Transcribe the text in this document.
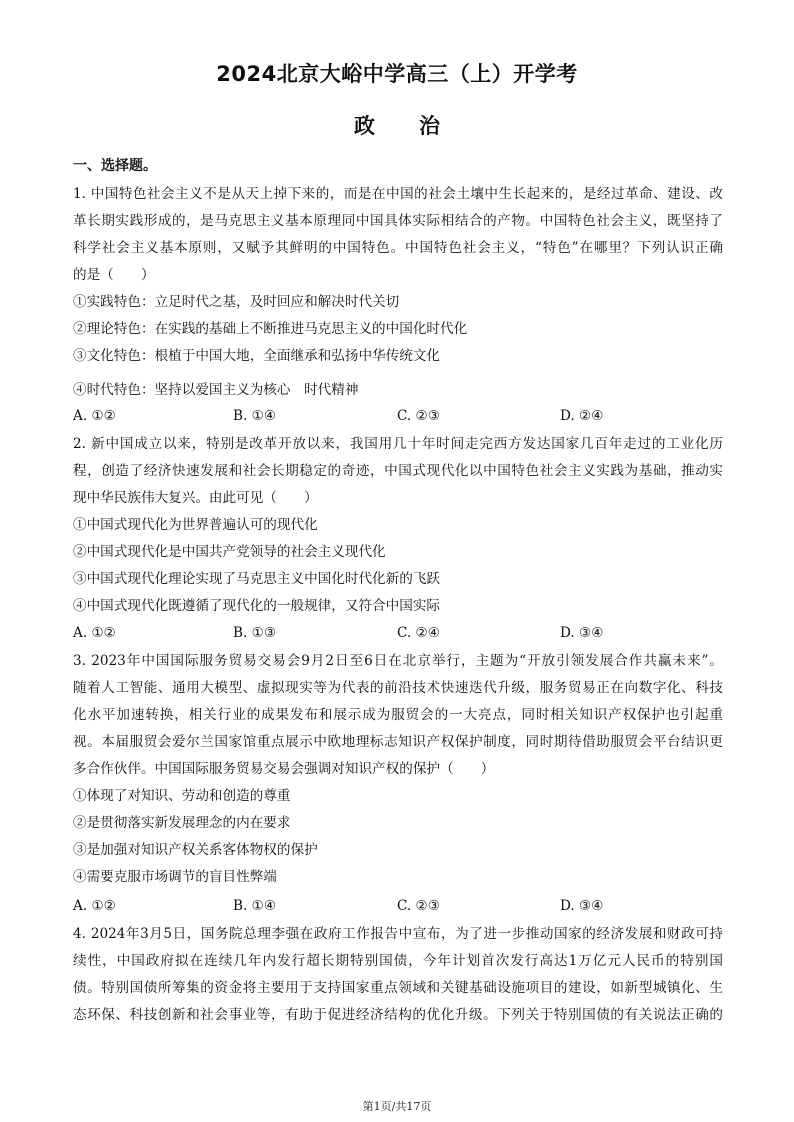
2024北京大峪中学高三（上）开学考
政 治
一、选择题。
1. 中国特色社会主义不是从天上掉下来的，而是在中国的社会土壤中生长起来的，是经过革命、建设、改
革长期实践形成的，是马克思主义基本原理同中国具体实际相结合的产物。中国特色社会主义，既坚持了
科学社会主义基本原则，又赋予其鲜明的中国特色。中国特色社会主义，“特色”在哪里？下列认识正确
的是（　　）
①实践特色：立足时代之基，及时回应和解决时代关切
②理论特色：在实践的基础上不断推进马克思主义的中国化时代化
③文化特色：根植于中国大地，全面继承和弘扬中华传统文化
④时代特色：坚持以爱国主义为核心　时代精神
A. ①②	B. ①④	C. ②③	D. ②④
2. 新中国成立以来，特别是改革开放以来，我国用几十年时间走完西方发达国家几百年走过的工业化历
程，创造了经济快速发展和社会长期稳定的奇迹，中国式现代化以中国特色社会主义实践为基础，推动实
现中华民族伟大复兴。由此可见（　　）
①中国式现代化为世界普遍认可的现代化
②中国式现代化是中国共产党领导的社会主义现代化
③中国式现代化理论实现了马克思主义中国化时代化新的飞跃
④中国式现代化既遵循了现代化的一般规律，又符合中国实际
A. ①②	B. ①③	C. ②④	D. ③④
3. 2023年中国国际服务贸易交易会9月2日至6日在北京举行，主题为“开放引领发展合作共赢未来”。
随着人工智能、通用大模型、虚拟现实等为代表的前沿技术快速迭代升级，服务贸易正在向数字化、科技
化水平加速转换，相关行业的成果发布和展示成为服贸会的一大亮点，同时相关知识产权保护也引起重
视。本届服贸会爱尔兰国家馆重点展示中欧地理标志知识产权保护制度，同时期待借助服贸会平台结识更
多合作伙伴。中国国际服务贸易交易会强调对知识产权的保护（　　）
①体现了对知识、劳动和创造的尊重
②是贯彻落实新发展理念的内在要求
③是加强对知识产权关系客体物权的保护
④需要克服市场调节的盲目性弊端
A. ①②	B. ①④	C. ②③	D. ③④
4. 2024年3月5日，国务院总理李强在政府工作报告中宣布，为了进一步推动国家的经济发展和财政可持
续性，中国政府拟在连续几年内发行超长期特别国债，今年计划首次发行高达1万亿元人民币的特别国
债。特别国债所筹集的资金将主要用于支持国家重点领域和关键基础设施项目的建设，如新型城镇化、生
态环保、科技创新和社会事业等，有助于促进经济结构的优化升级。下列关于特别国债的有关说法正确的
第1页/共17页
